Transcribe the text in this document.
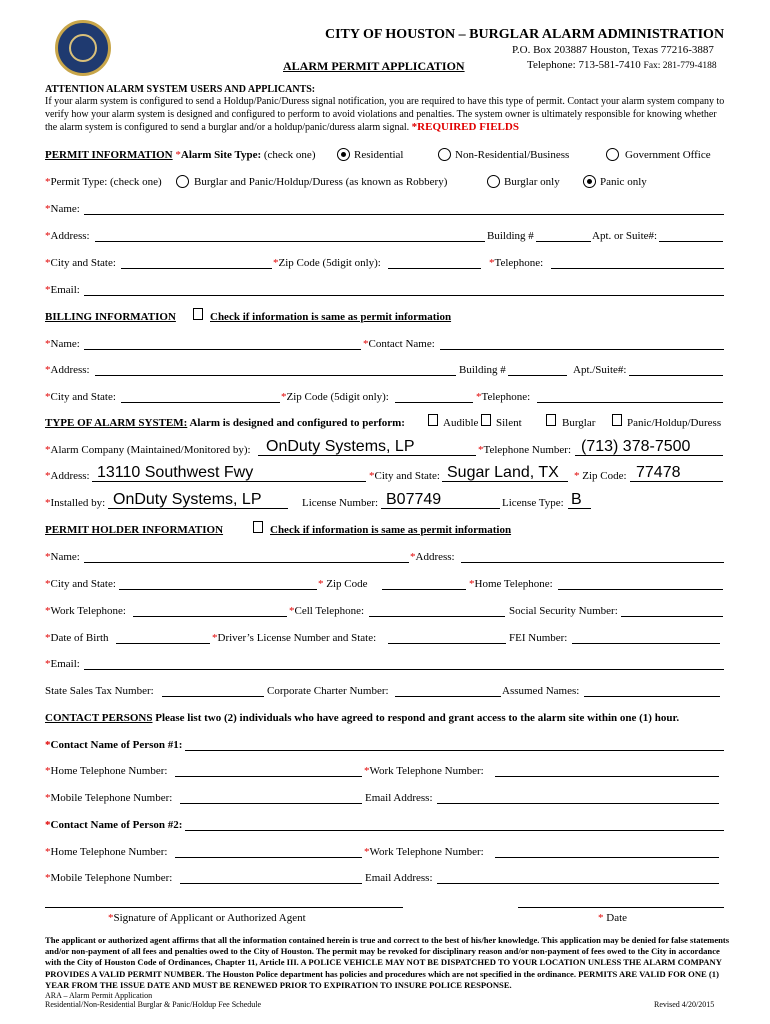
CITY OF HOUSTON – BURGLAR ALARM ADMINISTRATION
P.O. Box 203887 Houston, Texas 77216-3887
ALARM PERMIT APPLICATION	Telephone: 713-581-7410 Fax: 281-779-4188
ATTENTION ALARM SYSTEM USERS AND APPLICANTS:
If your alarm system is configured to send a Holdup/Panic/Duress signal notification, you are required to have this type of permit. Contact your alarm system company to verify how your alarm system is designed and configured to perform to avoid violations and penalties. The system owner is ultimately responsible for knowing whether the alarm system is configured to send a burglar and/or a holdup/panic/duress alarm signal. *REQUIRED FIELDS
PERMIT INFORMATION *Alarm Site Type: (check one)	Residential	Non-Residential/Business	Government Office
*Permit Type: (check one)	Burglar and Panic/Holdup/Duress (as known as Robbery)	Burglar only	Panic only
*Name:
*Address:	Building #	Apt. or Suite#:
*City and State:	*Zip Code (5digit only):	*Telephone:
*Email:
BILLING INFORMATION	Check if information is same as permit information
*Name:	*Contact Name:
*Address:	Building #	Apt./Suite#:
*City and State:	*Zip Code (5digit only):	*Telephone:
TYPE OF ALARM SYSTEM: Alarm is designed and configured to perform:	Audible Silent	Burglar	Panic/Holdup/Duress
*Alarm Company (Maintained/Monitored by): OnDuty Systems, LP	*Telephone Number: (713) 378-7500
*Address: 13110 Southwest Fwy	*City and State: Sugar Land, TX * Zip Code: 77478
*Installed by: OnDuty Systems, LP	License Number: B07749	License Type: B
PERMIT HOLDER INFORMATION	Check if information is same as permit information
*Name:	*Address:
*City and State:	* Zip Code	*Home Telephone:
*Work Telephone:	*Cell Telephone:	Social Security Number:
*Date of Birth	*Driver’s License Number and State:	FEI Number:
*Email:
State Sales Tax Number:	Corporate Charter Number:	Assumed Names:
CONTACT PERSONS Please list two (2) individuals who have agreed to respond and grant access to the alarm site within one (1) hour.
*Contact Name of Person #1:
*Home Telephone Number:	*Work Telephone Number:
*Mobile Telephone Number:	Email Address:
*Contact Name of Person #2:
*Home Telephone Number:	*Work Telephone Number:
*Mobile Telephone Number:	Email Address:
*Signature of Applicant or Authorized Agent	* Date
The applicant or authorized agent affirms that all the information contained herein is true and correct to the best of his/her knowledge. This application may be denied for false statements and/or non-payment of all fees and penalties owed to the City of Houston. The permit may be revoked for disciplinary reason and/or non-payment of fees owed to the City in accordance with the City of Houston Code of Ordinances, Chapter 11, Article III. A POLICE VEHICLE MAY NOT BE DISPATCHED TO YOUR LOCATION UNLESS THE ALARM COMPANY PROVIDES A VALID PERMIT NUMBER. The Houston Police department has policies and procedures which are not specified in the ordinance. PERMITS ARE VALID FOR ONE (1) YEAR FROM THE ISSUE DATE AND MUST BE RENEWED PRIOR TO EXPIRATION TO INSURE POLICE RESPONSE.
ARA – Alarm Permit Application
Residential/Non-Residential Burglar & Panic/Holdup Fee Schedule	Revised 4/20/2015
